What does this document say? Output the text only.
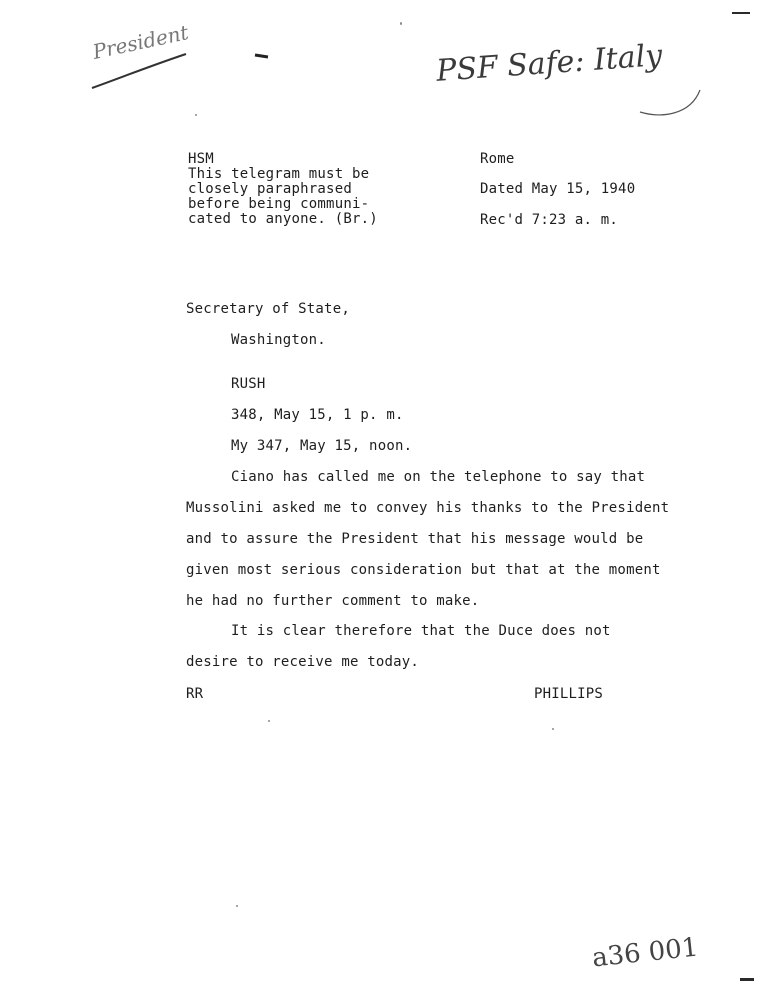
President	PSF Safe: Italy
a36 001
HSM
This telegram must be
closely paraphrased
before being communi-
cated to anyone. (Br.)
Rome
Dated May 15, 1940
Rec'd 7:23 a. m.
Secretary of State,
Washington.
RUSH
348, May 15, 1 p. m.
My 347, May 15, noon.
Ciano has called me on the telephone to say that
Mussolini asked me to convey his thanks to the President
and to assure the President that his message would be
given most serious consideration but that at the moment
he had no further comment to make.
It is clear therefore that the Duce does not
desire to receive me today.
RR	PHILLIPS
